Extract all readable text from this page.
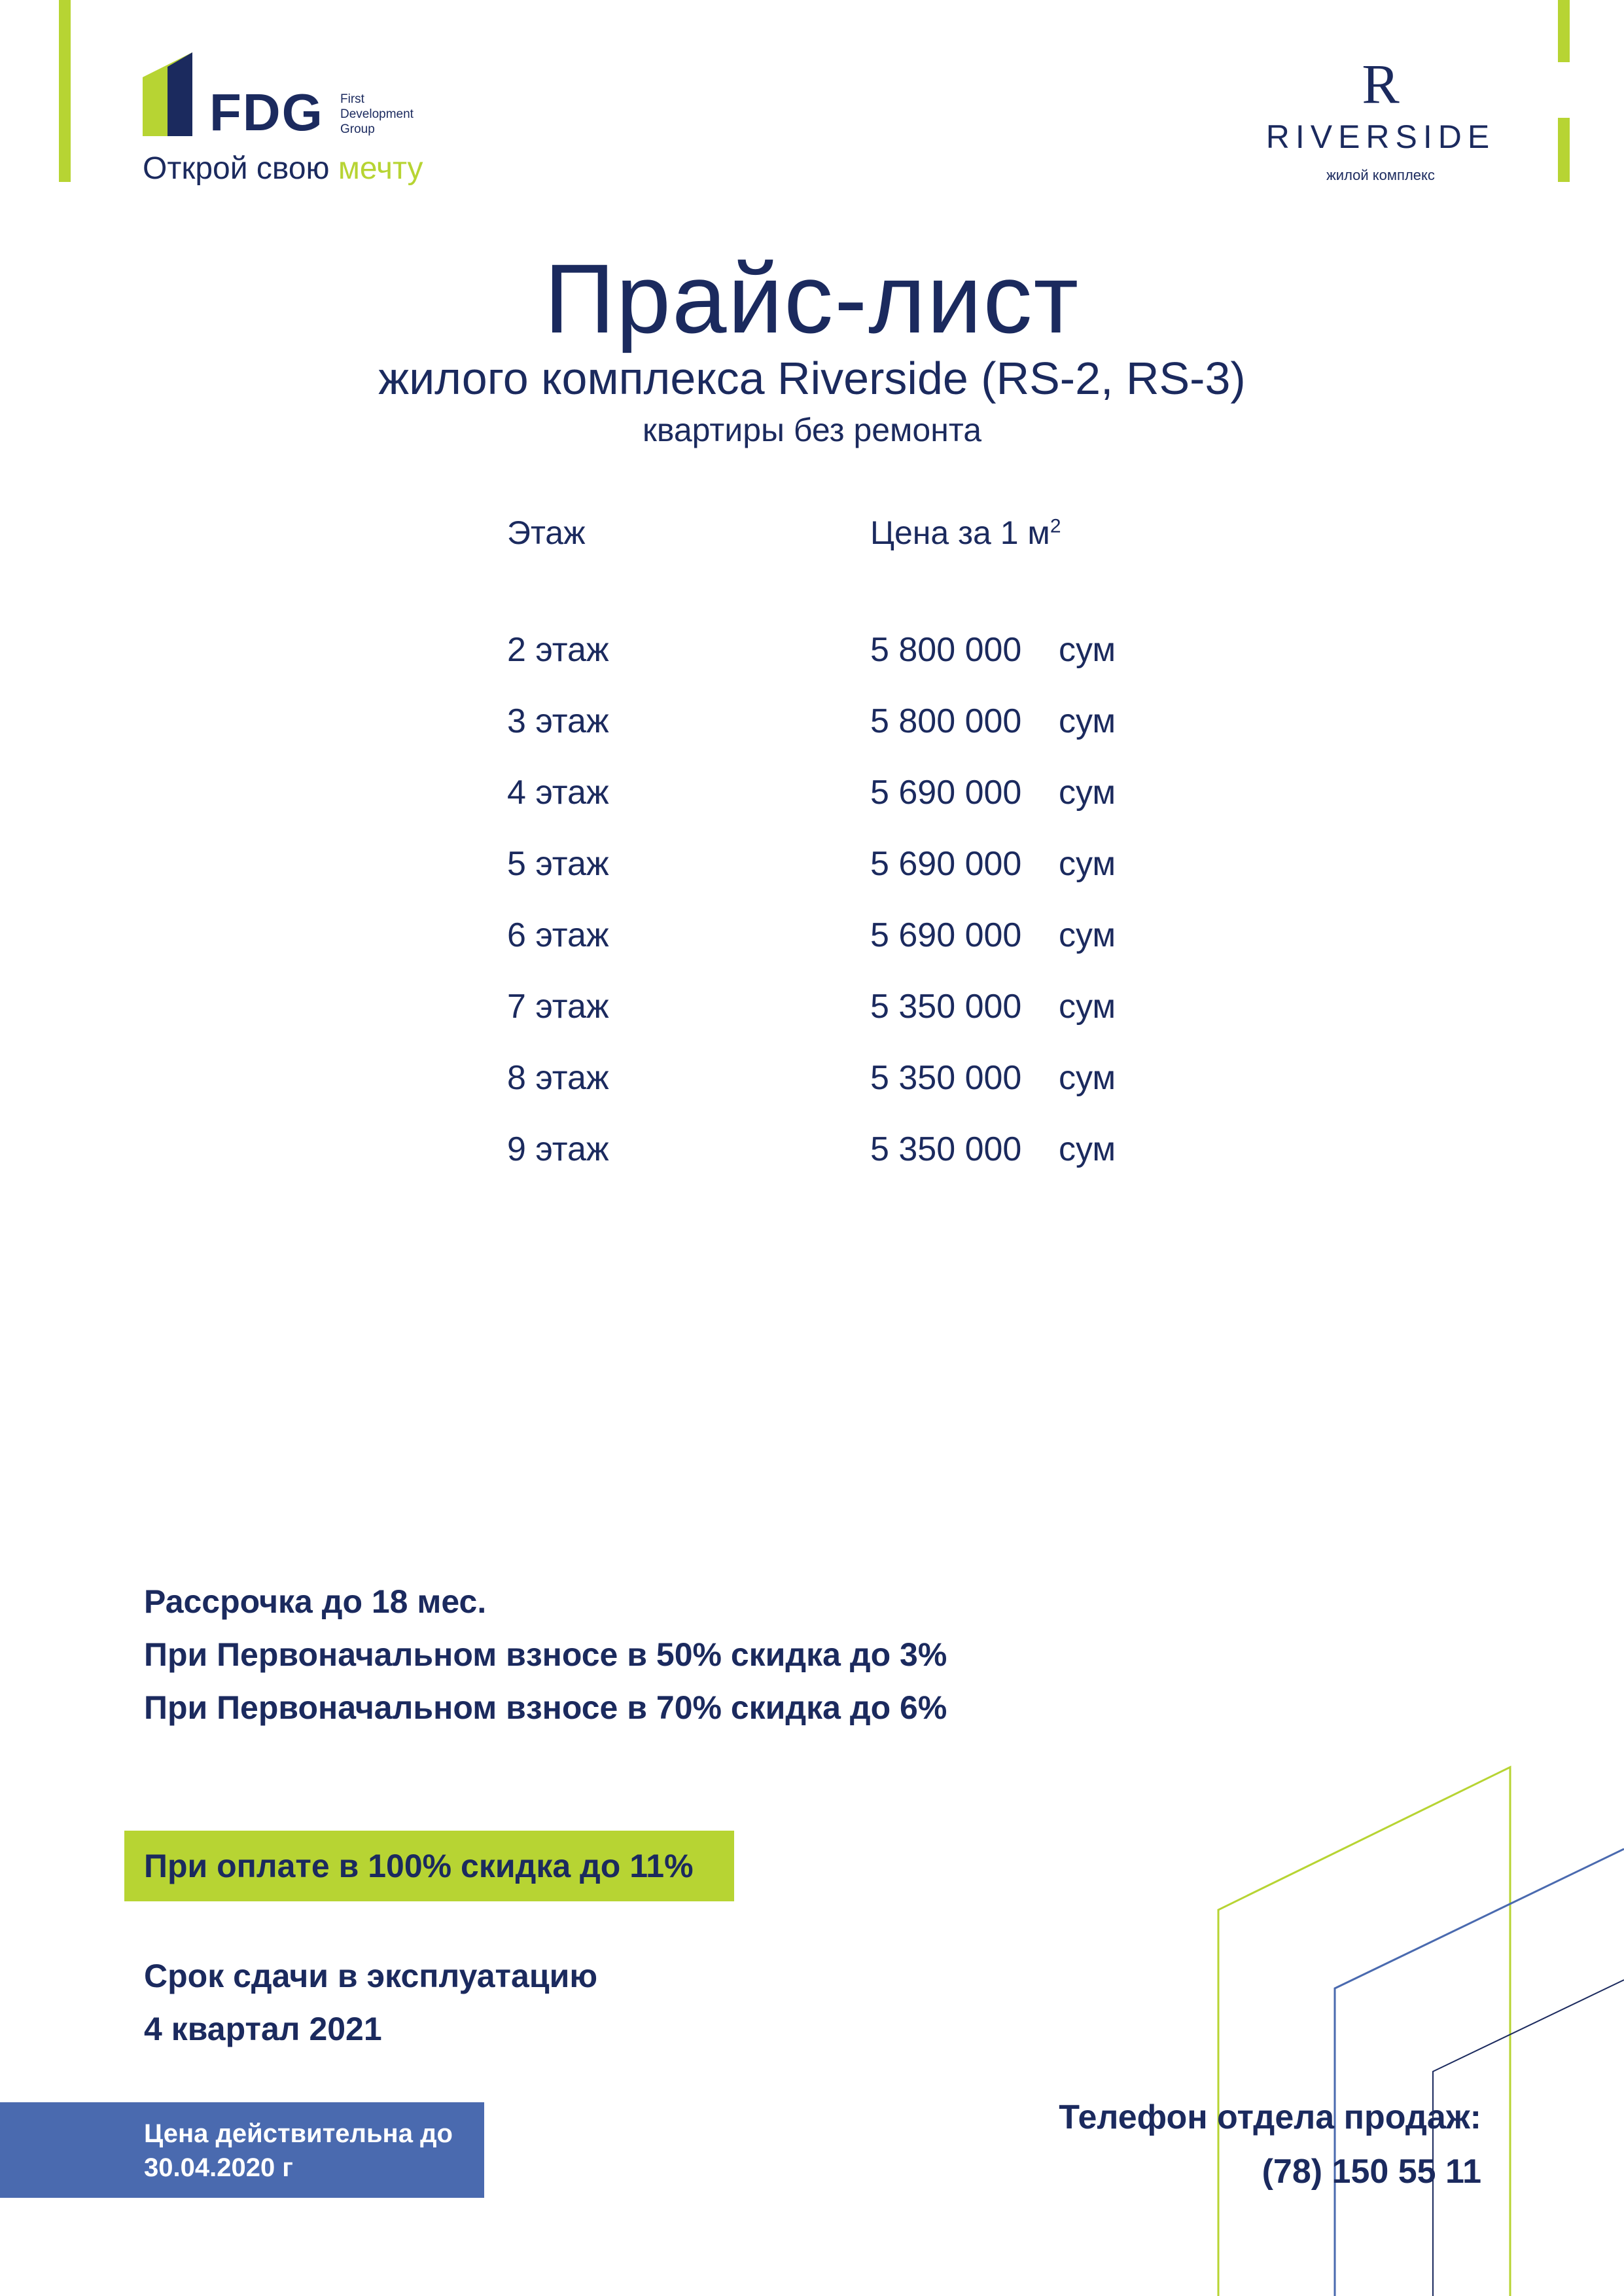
FDG First
Development
Group
Открой свою мечту
R
RIVERSIDE
жилой комплекс
Прайс-лист
жилого комплекса Riverside (RS-2, RS-3)
квартиры без ремонта
Этаж	Цена за 1 $м^2$
2 этаж	5 800 000 сум
3 этаж	5 800 000 сум
4 этаж	5 690 000 сум
5 этаж	5 690 000 сум
6 этаж	5 690 000 сум
7 этаж	5 350 000 сум
8 этаж	5 350 000 сум
9 этаж	5 350 000 сум
Рассрочка до 18 мес.
При Первоначальном взносе в 50% скидка до 3%
При Первоначальном взносе в 70% скидка до 6%
При оплате в 100% скидка до 11%
Срок сдачи в эксплуатацию
4 квартал 2021
Цена действительна до
30.04.2020 г
Телефон отдела продаж:
(78) 150 55 11
